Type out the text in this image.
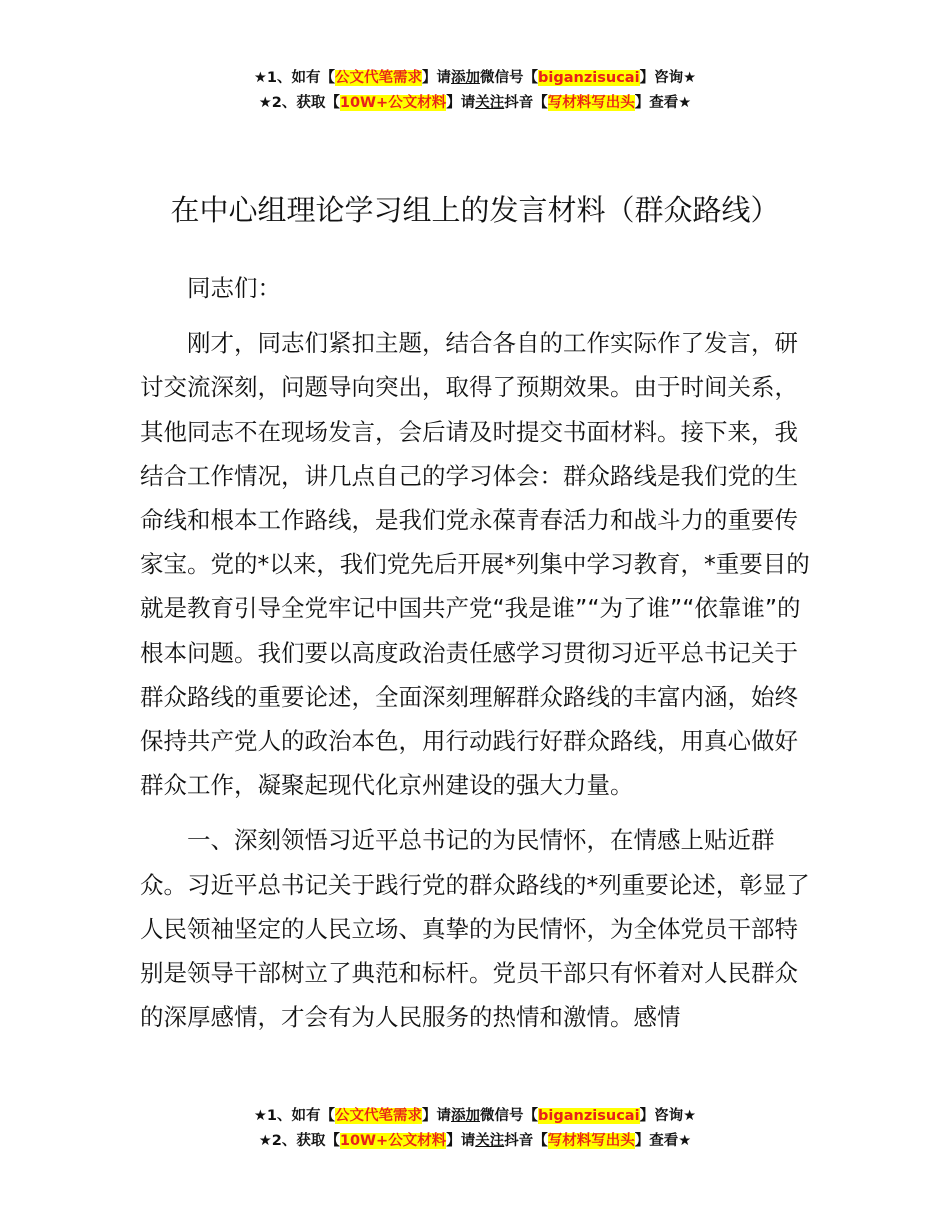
★1、如有【公文代笔需求】请添加微信号【biganzisucai】咨询★
★2、获取【10W+公文材料】请关注抖音【写材料写出头】查看★
在中心组理论学习组上的发言材料（群众路线）

同志们：

刚才，同志们紧扣主题，结合各自的工作实际作了发言，研讨交流深刻，问题导向突出，取得了预期效果。由于时间关系，其他同志不在现场发言，会后请及时提交书面材料。接下来，我结合工作情况，讲几点自己的学习体会：群众路线是我们党的生命线和根本工作路线，是我们党永葆青春活力和战斗力的重要传家宝。党的*以来，我们党先后开展*列集中学习教育，*重要目的就是教育引导全党牢记中国共产党“我是谁”“为了谁”“依靠谁”的根本问题。我们要以高度政治责任感学习贯彻习近平总书记关于群众路线的重要论述，全面深刻理解群众路线的丰富内涵，始终保持共产党人的政治本色，用行动践行好群众路线，用真心做好群众工作，凝聚起现代化京州建设的强大力量。

一、深刻领悟习近平总书记的为民情怀，在情感上贴近群众。习近平总书记关于践行党的群众路线的*列重要论述，彰显了人民领袖坚定的人民立场、真挚的为民情怀，为全体党员干部特别是领导干部树立了典范和标杆。党员干部只有怀着对人民群众的深厚感情，才会有为人民服务的热情和激情。感情

★1、如有【公文代笔需求】请添加微信号【biganzisucai】咨询★
★2、获取【10W+公文材料】请关注抖音【写材料写出头】查看★
